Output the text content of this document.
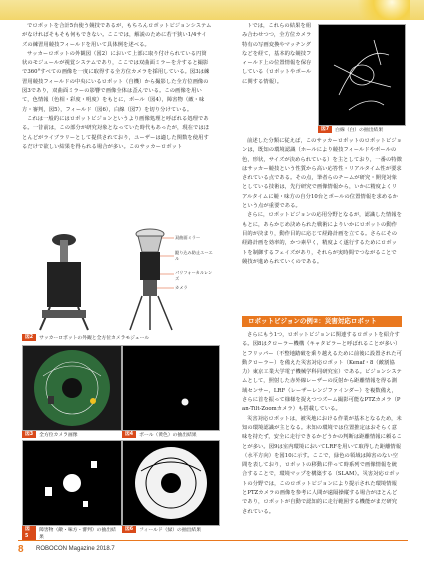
でロボットを合計5台使う競技であるが，もちろんロボットビジョンシステムがなければそもそも何もできない。ここでは，解説のために若干狭い1/4サイズの練習用競技フィールドを用いて具体例を述べる。

サッカーロボットの外観図（図2）において上部に取り付けられている円筒状のモジュールが視覚システムであり，ここでは双曲面ミラーを介すると撮影で360°すべての画像を一度に取得する全方位カメラを採用している。図3は練習用競技フィールドの中央にいるロボット（自機）から撮影した全方位画像の図3であり，双曲面ミラーの影響で画像全体は歪んでいる。この画像を用いて，色情報（色相・彩度・明度）をもとに，ボール（図4），障害物（敵・味方・審判，図5），フィールド（図6），白線（図7）を切り分けている。

これは一般的にはロボットビジョンというより画像処理と呼ばれる処理である。一昔前は，この部分が研究対象となっていた時代もあったが，現在ではほとんどがライブラリーとして提供されており，ユーザーは適した関数を使用するだけで欲しい結果を得られる場合が多い。このサッカーロボット

トでは，これらの結果を組み合わせつつ，全方位カメラ特有の写画変換やマッチングなどを経て，基本的な競技フィールド上の位置情報を保存している（ロボットやボールに関する情報）。

図7	白線（白）の抽出結果

前述した分類に従えば，このサッカーロボットのロボットビジョンは，既知の環境認識（ホールにより競技フィールドやボールの色，形状，サイズが決められている）を主としており，一番の特徴はサッカー競技という性質から高い応答性・リアルタイム性が要求されている点である。その点，筆者らのチームが研究・開発対象としている技術は，先行研究で画像情報から，いかに精度よくリアルタイムに競・味方の自分10台とボールの位置情報を求めるかという点が重要である。

さらに，ロボットビジョンの応用分野となるが，認識した情報をもとに，あらかじめ決められた戦術によりいかにロボットの動作目的が決まり，動作目的に応じて経路計画を立てる。さらにその経路計画を効率的，かつ素早く，精度よく遂行するためにロボットを制御するフェイズがあり，それらが実時間でつながることで競技が進められていくのである。

ロボットビジョンの例②：災害対応ロボット

さらにもう1つ，ロボットビジョンに関連するロボットを紹介する。図8はクローラー機構（キャタピラーと呼ばれることが多い）とフリッパー（不整地踏破を乗り越えるために前後に設置された可動クローラー）を備えた災害対応ロボット（Kenaf・8（敵割協力）東京工業大学電子機械学科同研究室）である。ビジョンシステムとして，照射した赤外線レーザーの反射から距離情報を得る測域センサー，LRF（レーザーレンジファインダー）を複数備え，さらに首を振って様様を捉えつつズーム撮影可能なPTZカメラ（Pan-Tilt-Zoomカメラ）も搭載している。

災害対応ロボットは，被災地における作業が基本となるため，未知の環境認識が主となる。未知の環境では位置推定はおそらく意味を持たず，安全に走行できるかどうかの判断は距離情報に頼ることが多い。図9は室内環境においてLRFを用いて取得した距離情報（水平方向）を図10に示す。ここで，緑色の領域は障害のない空間を表しており，ロボットの移動に伴って時系列で画像情報を統合することで，環境マップを構築する（SLAM）。災害対応ロボットの分野では，このロボットビジョンにより提示された環境情報とPTZカメラの画像を参考に人間が遠隔操縦する場合がほとんどであり，ロボットが自動で認知的に走行範囲する機能がまだ研究されている。

双曲面ミラー
縦り込み防止ユーエル
パリフォーカルレンズ
カメラ
図2	サッカーロボットの外観と全方位カメラモジュール
図3	全方位カメラ画像	図4	ボール（黄色）の抽出結果
図5
障害物（敵・味方・審判）の抽出結果
図6	フィールド（緑）の抽出結果
8 ROBOCON Magazine 2018.7
